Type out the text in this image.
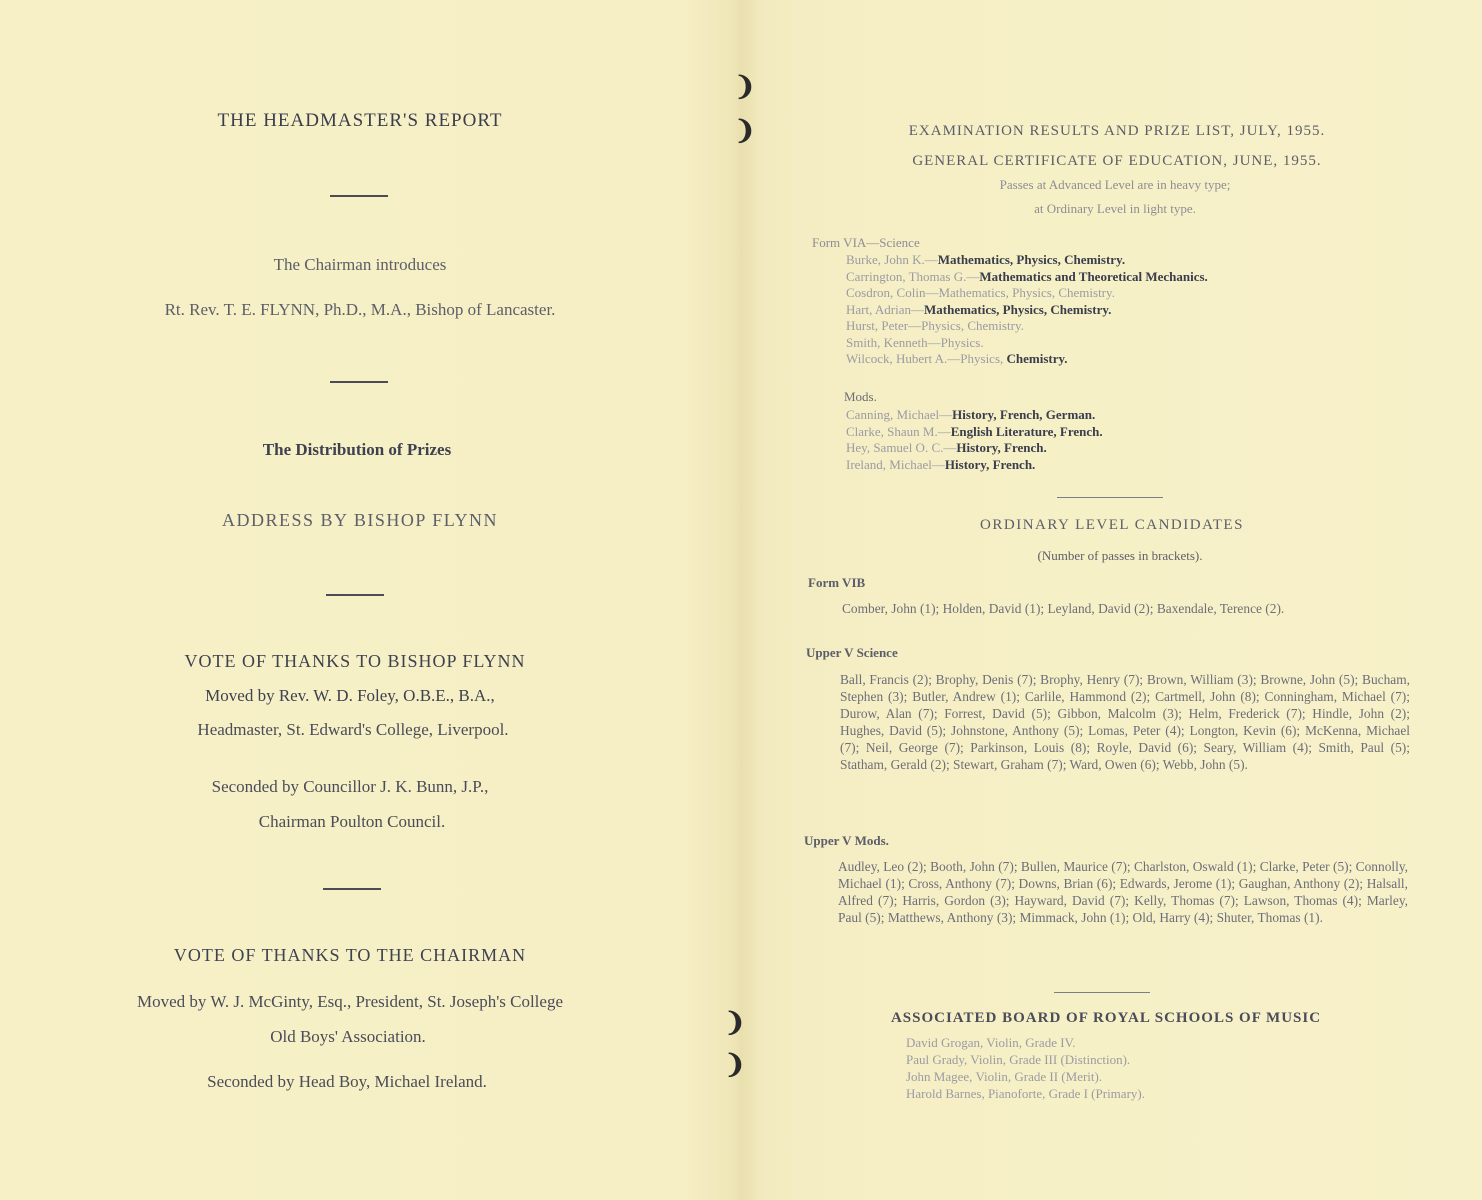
❩
❩
❩
❩
THE HEADMASTER'S REPORT
The Chairman introduces
Rt. Rev. T. E. FLYNN, Ph.D., M.A., Bishop of Lancaster.
The Distribution of Prizes
ADDRESS BY BISHOP FLYNN
VOTE OF THANKS TO BISHOP FLYNN
Moved by Rev. W. D. Foley, O.B.E., B.A.,
Headmaster, St. Edward's College, Liverpool.
Seconded by Councillor J. K. Bunn, J.P.,
Chairman Poulton Council.
VOTE OF THANKS TO THE CHAIRMAN
Moved by W. J. McGinty, Esq., President, St. Joseph's College
Old Boys' Association.
Seconded by Head Boy, Michael Ireland.
EXAMINATION RESULTS AND PRIZE LIST, JULY, 1955.
GENERAL CERTIFICATE OF EDUCATION, JUNE, 1955.
Passes at Advanced Level are in heavy type;
at Ordinary Level in light type.
Form VIA—Science
Burke, John K.—Mathematics, Physics, Chemistry.
Carrington, Thomas G.—Mathematics and Theoretical Mechanics.
Cosdron, Colin—Mathematics, Physics, Chemistry.
Hart, Adrian—Mathematics, Physics, Chemistry.
Hurst, Peter—Physics, Chemistry.
Smith, Kenneth—Physics.
Wilcock, Hubert A.—Physics, Chemistry.
Mods.
Canning, Michael—History, French, German.
Clarke, Shaun M.—English Literature, French.
Hey, Samuel O. C.—History, French.
Ireland, Michael—History, French.
ORDINARY LEVEL CANDIDATES
(Number of passes in brackets).
Form VIB
Comber, John (1); Holden, David (1); Leyland, David (2); Baxendale, Terence (2).
Upper V Science
Ball, Francis (2); Brophy, Denis (7); Brophy, Henry (7); Brown, William (3); Browne, John (5); Bucham, Stephen (3); Butler, Andrew (1); Carlile, Hammond (2); Cartmell, John (8); Conningham, Michael (7); Durow, Alan (7); Forrest, David (5); Gibbon, Malcolm (3); Helm, Frederick (7); Hindle, John (2); Hughes, David (5); Johnstone, Anthony (5); Lomas, Peter (4); Longton, Kevin (6); McKenna, Michael (7); Neil, George (7); Parkinson, Louis (8); Royle, David (6); Seary, William (4); Smith, Paul (5); Statham, Gerald (2); Stewart, Graham (7); Ward, Owen (6); Webb, John (5).
Upper V Mods.
Audley, Leo (2); Booth, John (7); Bullen, Maurice (7); Charlston, Oswald (1); Clarke, Peter (5); Connolly, Michael (1); Cross, Anthony (7); Downs, Brian (6); Edwards, Jerome (1); Gaughan, Anthony (2); Halsall, Alfred (7); Harris, Gordon (3); Hayward, David (7); Kelly, Thomas (7); Lawson, Thomas (4); Marley, Paul (5); Matthews, Anthony (3); Mimmack, John (1); Old, Harry (4); Shuter, Thomas (1).
ASSOCIATED BOARD OF ROYAL SCHOOLS OF MUSIC
David Grogan, Violin, Grade IV.
Paul Grady, Violin, Grade III (Distinction).
John Magee, Violin, Grade II (Merit).
Harold Barnes, Pianoforte, Grade I (Primary).
